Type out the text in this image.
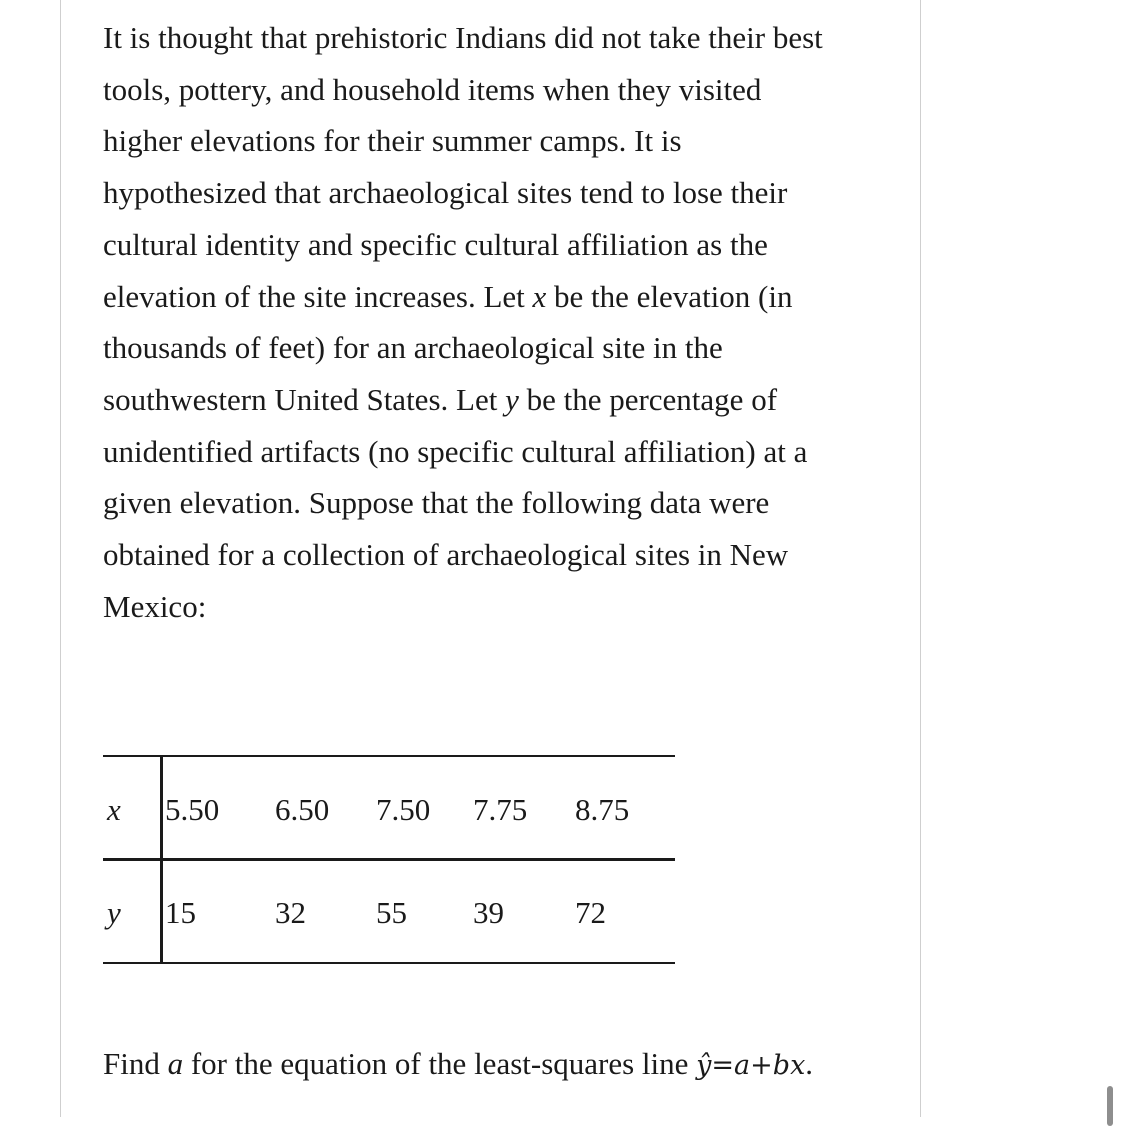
It is thought that prehistoric Indians did not take their best
tools, pottery, and household items when they visited
higher elevations for their summer camps. It is
hypothesized that archaeological sites tend to lose their
cultural identity and specific cultural affiliation as the
elevation of the site increases. Let x be the elevation (in
thousands of feet) for an archaeological site in the
southwestern United States. Let y be the percentage of
unidentified artifacts (no specific cultural affiliation) at a
given elevation. Suppose that the following data were
obtained for a collection of archaeological sites in New
Mexico:
x 5.50 6.50 7.50 7.75 8.75
y 15	32 55 39 72
Find a for the equation of the least-squares line ŷ=a+bx.
